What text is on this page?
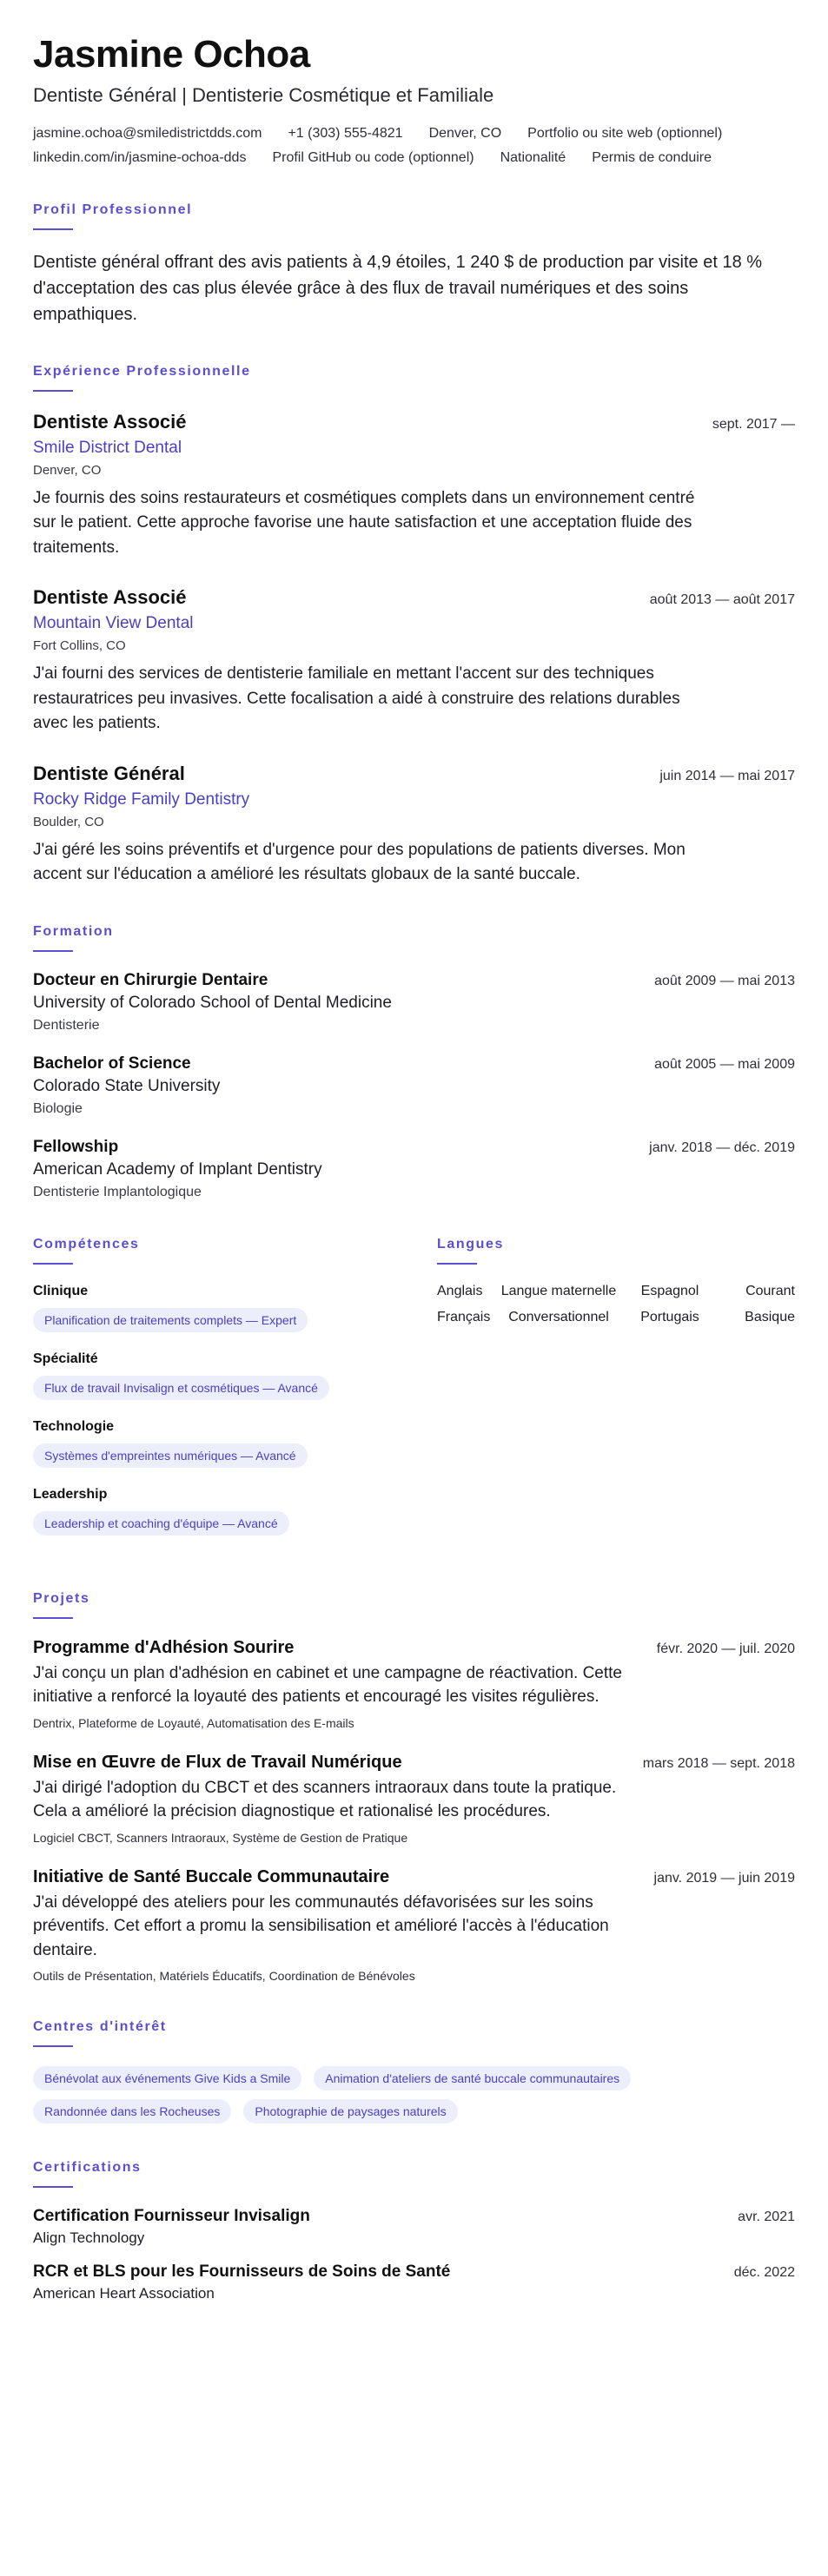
Jasmine Ochoa
Dentiste Général | Dentisterie Cosmétique et Familiale
jasmine.ochoa@smiledistrictdds.com +1 (303) 555-4821 Denver, CO Portfolio ou site web (optionnel)
linkedin.com/in/jasmine-ochoa-dds Profil GitHub ou code (optionnel) Nationalité Permis de conduire
Profil Professionnel

Dentiste général offrant des avis patients à 4,9 étoiles, 1 240 $ de production par visite et 18 % d'acceptation des cas plus élevée grâce à des flux de travail numériques et des soins empathiques.

Expérience Professionnelle
Dentiste Associé	sept. 2017 —
Smile District Dental
Denver, CO
Je fournis des soins restaurateurs et cosmétiques complets dans un environnement centré sur le patient. Cette approche favorise une haute satisfaction et une acceptation fluide des traitements.
Dentiste Associé	août 2013 — août 2017
Mountain View Dental
Fort Collins, CO
J'ai fourni des services de dentisterie familiale en mettant l'accent sur des techniques restauratrices peu invasives. Cette focalisation a aidé à construire des relations durables avec les patients.
Dentiste Général	juin 2014 — mai 2017
Rocky Ridge Family Dentistry
Boulder, CO
J'ai géré les soins préventifs et d'urgence pour des populations de patients diverses. Mon accent sur l'éducation a amélioré les résultats globaux de la santé buccale.
Formation
Docteur en Chirurgie Dentaire	août 2009 — mai 2013
University of Colorado School of Dental Medicine
Dentisterie
Bachelor of Science	août 2005 — mai 2009
Colorado State University
Biologie
Fellowship	janv. 2018 — déc. 2019
American Academy of Implant Dentistry
Dentisterie Implantologique
Compétences
Clinique
Planification de traitements complets — Expert
Spécialité
Flux de travail Invisalign et cosmétiques — Avancé
Technologie
Systèmes d'empreintes numériques — Avancé
Leadership
Leadership et coaching d'équipe — Avancé
Langues
Anglais	Langue maternelle	Espagnol	Courant
Français	Conversationnel	Portugais	Basique
Projets
Programme d'Adhésion Sourire	févr. 2020 — juil. 2020
J'ai conçu un plan d'adhésion en cabinet et une campagne de réactivation. Cette initiative a renforcé la loyauté des patients et encouragé les visites régulières.
Dentrix, Plateforme de Loyauté, Automatisation des E-mails
Mise en Œuvre de Flux de Travail Numérique	mars 2018 — sept. 2018
J'ai dirigé l'adoption du CBCT et des scanners intraoraux dans toute la pratique. Cela a amélioré la précision diagnostique et rationalisé les procédures.
Logiciel CBCT, Scanners Intraoraux, Système de Gestion de Pratique
Initiative de Santé Buccale Communautaire	janv. 2019 — juin 2019
J'ai développé des ateliers pour les communautés défavorisées sur les soins préventifs. Cet effort a promu la sensibilisation et amélioré l'accès à l'éducation dentaire.
Outils de Présentation, Matériels Éducatifs, Coordination de Bénévoles
Centres d'intérêt
Bénévolat aux événements Give Kids a Smile	Animation d'ateliers de santé buccale communautaires
Randonnée dans les Rocheuses	Photographie de paysages naturels
Certifications
Certification Fournisseur Invisalign	avr. 2021
Align Technology
RCR et BLS pour les Fournisseurs de Soins de Santé	déc. 2022
American Heart Association
